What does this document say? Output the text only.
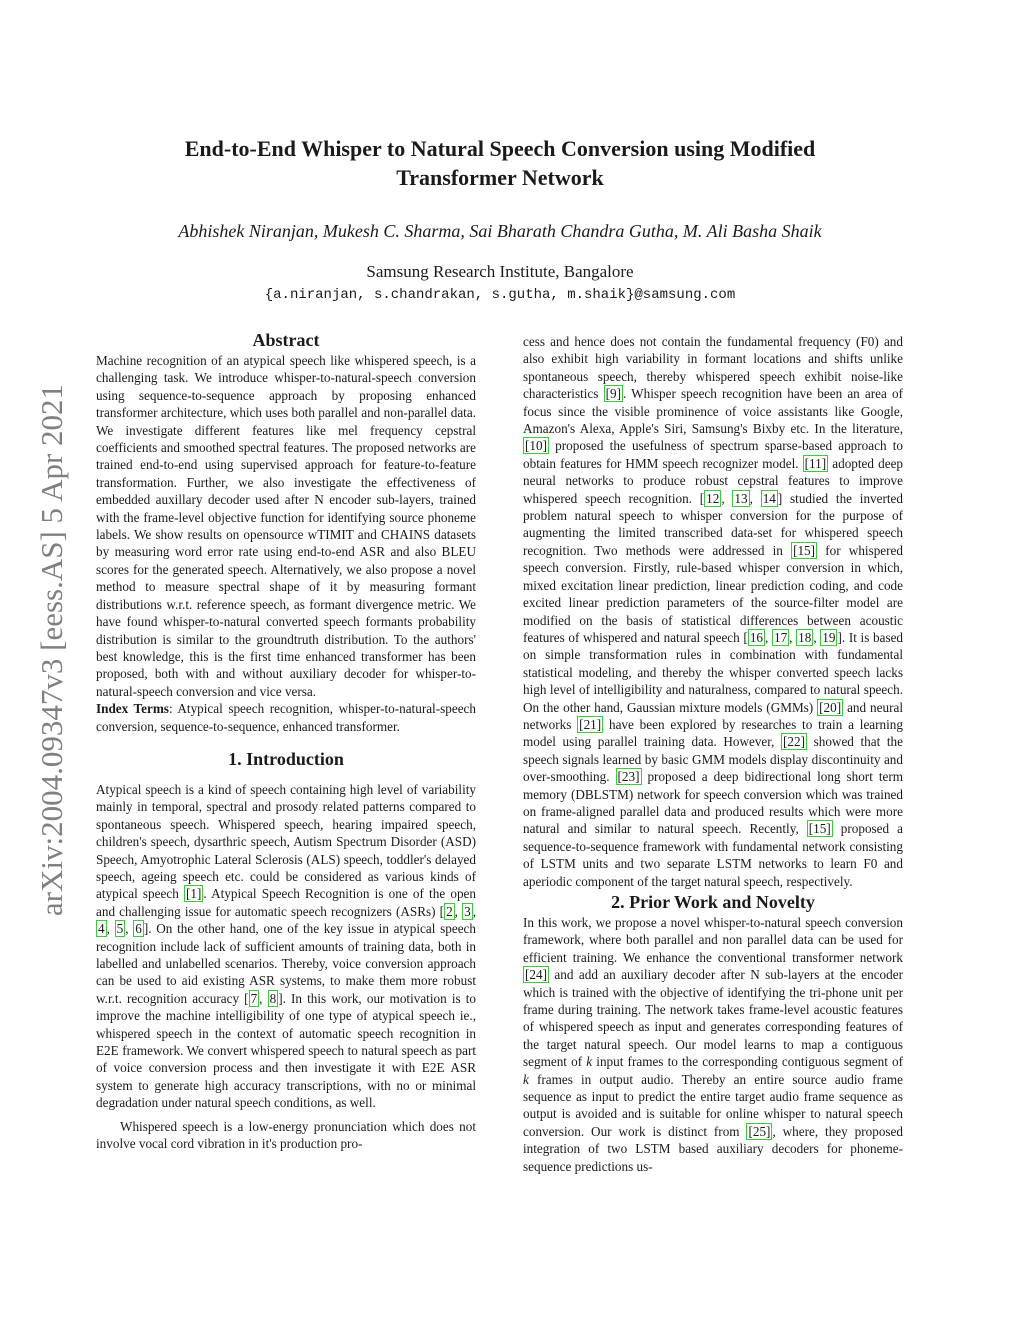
arXiv:2004.09347v3 [eess.AS] 5 Apr 2021
End-to-End Whisper to Natural Speech Conversion using Modified
Transformer Network
Abhishek Niranjan, Mukesh C. Sharma, Sai Bharath Chandra Gutha, M. Ali Basha Shaik
Samsung Research Institute, Bangalore
{a.niranjan, s.chandrakan, s.gutha, m.shaik}@samsung.com
Abstract

Machine recognition of an atypical speech like whispered speech, is a challenging task. We introduce whisper-to-natural-speech conversion using sequence-to-sequence approach by proposing enhanced transformer architecture, which uses both parallel and non-parallel data. We investigate different features like mel frequency cepstral coefficients and smoothed spectral features. The proposed networks are trained end-to-end using supervised approach for feature-to-feature transformation. Further, we also investigate the effectiveness of embedded auxillary decoder used after N encoder sub-layers, trained with the frame-level objective function for identifying source phoneme labels. We show results on opensource wTIMIT and CHAINS datasets by measuring word error rate using end-to-end ASR and also BLEU scores for the generated speech. Alternatively, we also propose a novel method to measure spectral shape of it by measuring formant distributions w.r.t. reference speech, as formant divergence metric. We have found whisper-to-natural converted speech formants probability distribution is similar to the groundtruth distribution. To the authors' best knowledge, this is the first time enhanced transformer has been proposed, both with and without auxiliary decoder for whisper-to-natural-speech conversion and vice versa.

Index Terms: Atypical speech recognition, whisper-to-natural-speech conversion, sequence-to-sequence, enhanced transformer.

1. Introduction

Atypical speech is a kind of speech containing high level of variability mainly in temporal, spectral and prosody related patterns compared to spontaneous speech. Whispered speech, hearing impaired speech, children's speech, dysarthric speech, Autism Spectrum Disorder (ASD) Speech, Amyotrophic Lateral Sclerosis (ALS) speech, toddler's delayed speech, ageing speech etc. could be considered as various kinds of atypical speech [1] . Atypical Speech Recognition is one of the open and challenging issue for automatic speech recognizers (ASRs) [ 2 , 3 , 4 , 5 , 6 ]. On the other hand, one of the key issue in atypical speech recognition include lack of sufficient amounts of training data, both in labelled and unlabelled scenarios. Thereby, voice conversion approach can be used to aid existing ASR systems, to make them more robust w.r.t. recognition accuracy [ 7 , 8 ]. In this work, our motivation is to improve the machine intelligibility of one type of atypical speech ie., whispered speech in the context of automatic speech recognition in E2E framework. We convert whispered speech to natural speech as part of voice conversion process and then investigate it with E2E ASR system to generate high accuracy transcriptions, with no or minimal degradation under natural speech conditions, as well.

Whispered speech is a low-energy pronunciation which does not involve vocal cord vibration in it's production pro-

cess and hence does not contain the fundamental frequency (F0) and also exhibit high variability in formant locations and shifts unlike spontaneous speech, thereby whispered speech exhibit noise-like characteristics [9] . Whisper speech recognition have been an area of focus since the visible prominence of voice assistants like Google, Amazon's Alexa, Apple's Siri, Samsung's Bixby etc. In the literature, [10] proposed the usefulness of spectrum sparse-based approach to obtain features for HMM speech recognizer model. [11] adopted deep neural networks to produce robust cepstral features to improve whispered speech recognition. [ 12 , 13 , 14 ] studied the inverted problem natural speech to whisper conversion for the purpose of augmenting the limited transcribed data-set for whispered speech recognition. Two methods were addressed in [15] for whispered speech conversion. Firstly, rule-based whisper conversion in which, mixed excitation linear prediction, linear prediction coding, and code excited linear prediction parameters of the source-filter model are modified on the basis of statistical differences between acoustic features of whispered and natural speech [ 16 , 17 , 18 , 19 ]. It is based on simple transformation rules in combination with fundamental statistical modeling, and thereby the whisper converted speech lacks high level of intelligibility and naturalness, compared to natural speech. On the other hand, Gaussian mixture models (GMMs) [20] and neural networks [21] have been explored by researches to train a learning model using parallel training data. However, [22] showed that the speech signals learned by basic GMM models display discontinuity and over-smoothing. [23] proposed a deep bidirectional long short term memory (DBLSTM) network for speech conversion which was trained on frame-aligned parallel data and produced results which were more natural and similar to natural speech. Recently, [15] proposed a sequence-to-sequence framework with fundamental network consisting of LSTM units and two separate LSTM networks to learn F0 and aperiodic component of the target natural speech, respectively.

2. Prior Work and Novelty

In this work, we propose a novel whisper-to-natural speech conversion framework, where both parallel and non parallel data can be used for efficient training. We enhance the conventional transformer network [24] and add an auxiliary decoder after N sub-layers at the encoder which is trained with the objective of identifying the tri-phone unit per frame during training. The network takes frame-level acoustic features of whispered speech as input and generates corresponding features of the target natural speech. Our model learns to map a contiguous segment of k input frames to the corresponding contiguous segment of k frames in output audio. Thereby an entire source audio frame sequence as input to predict the entire target audio frame sequence as output is avoided and is suitable for online whisper to natural speech conversion. Our work is distinct from [25] , where, they proposed integration of two LSTM based auxiliary decoders for phoneme-sequence predictions us-
